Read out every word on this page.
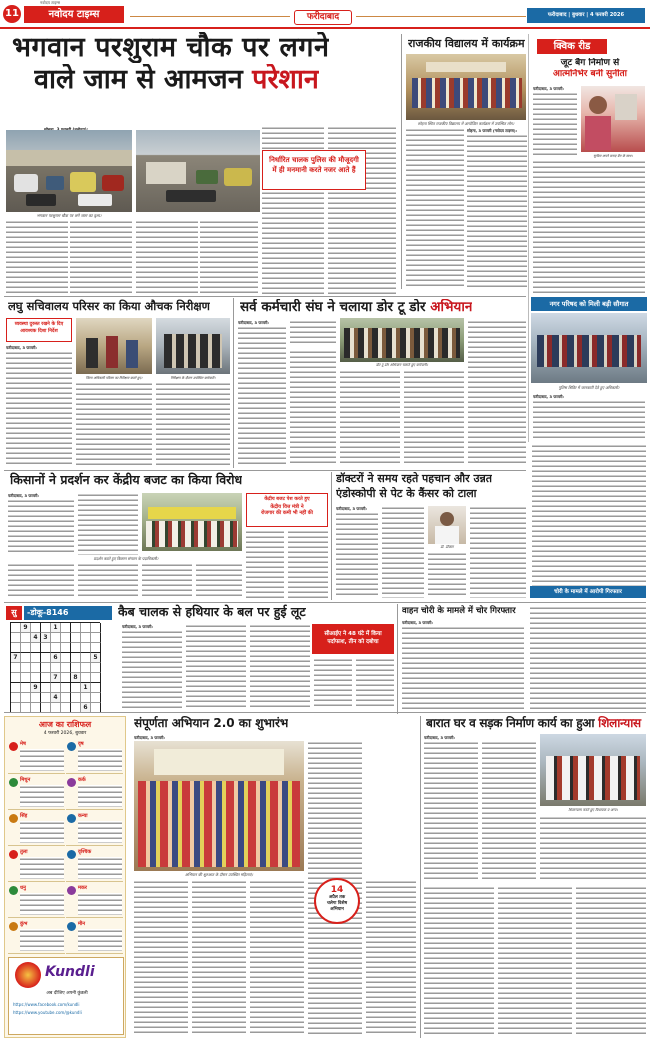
11
नवोदय टाइम्स
नवोदय टाइम्स	फरीदाबाद	फरीदाबाद | बुधवार | 4 फरवरी 2026
भगवान परशुराम चौक पर लगने
वाले जाम से आमजन परेशान
भगवान परशुराम चौक पर लगे जाम का दृश्य।
निर्धारित चालक पुलिस की मौजूदगी में ही मनमानी करते नजर आते हैं
राजकीय विद्यालय में कार्यक्रम
सोहना स्थित राजकीय विद्यालय में आयोजित कार्यक्रम में उपस्थित लोग।
सोहना, 3 फरवरी (नवोदय टाइम्स):
क्विक रीड
जूट बैग निर्माण से
आत्मनिर्भर बनीं सुनीता
फरीदाबाद, 3 फरवरी:
सुनीता अपने बनाए बैग के साथ।
नगर परिषद को मिली बड़ी सौगात
पुलिस शिविर में जानकारी देते हुए अधिकारी।
फरीदाबाद, 3 फरवरी:
लघु सचिवालय परिसर का किया औचक निरीक्षण
व्यवस्था दुरुस्त रखने के दिए आवश्यक दिशा निर्देश
फरीदाबाद, 3 फरवरी:
जिला अधिकारी परिसर का निरीक्षण करते हुए।	निरीक्षण के दौरान उपस्थित कर्मचारी।
सर्व कर्मचारी संघ ने चलाया डोर टू डोर अभियान
फरीदाबाद, 3 फरवरी:
डोर टू डोर अभियान चलाते हुए कर्मचारी।
किसानों ने प्रदर्शन कर केंद्रीय बजट का किया विरोध
फरीदाबाद, 3 फरवरी:
प्रदर्शन करते हुए किसान संगठन के पदाधिकारी।
केंद्रीय बजट पेश करते हुए
केंद्रीय वित्त मंत्री ने
रोजगार की कमी भी नहीं की
डॉक्टरों ने समय रहते पहचान और उन्नत
एंडोस्कोपी से पेट के कैंसर को टाला
फरीदाबाद, 3 फरवरी:
डॉ. डॉक्टर
चोरी के मामले में आरोपी गिरफ्तार
सु	-डोकू-8146
9	1
4 3
7	6	5
7	8
9	1
4
6
कैब चालक से हथियार के बल पर हुई लूट
फरीदाबाद, 3 फरवरी:
सीआईए ने 48 घंटे में किया
पर्दाफाश, तीन को दबोचा
वाहन चोरी के मामले में चोर गिरफ्तार
फरीदाबाद, 3 फरवरी:
आज का राशिफल
4 फरवरी 2026, बुधवार
मेष	वृष
मिथुन	कर्क
सिंह	कन्या
तुला	वृश्चिक
धनु	मकर
कुंभ	मीन
Kundli
अब दीजिए अपनी कुंडली
https://www.facebook.com/kundli
https://www.youtube.com/@kundli
संपूर्णता अभियान 2.0 का शुभारंभ
फरीदाबाद, 3 फरवरी:
अभियान की शुरुआत के दौरान उपस्थित महिलाएं।
14
अप्रैल तक
चलेगा विशेष
अभियान
बारात घर व सड़क निर्माण कार्य का हुआ शिलान्यास
फरीदाबाद, 3 फरवरी:
शिलान्यास करते हुए विधायक व अन्य।
